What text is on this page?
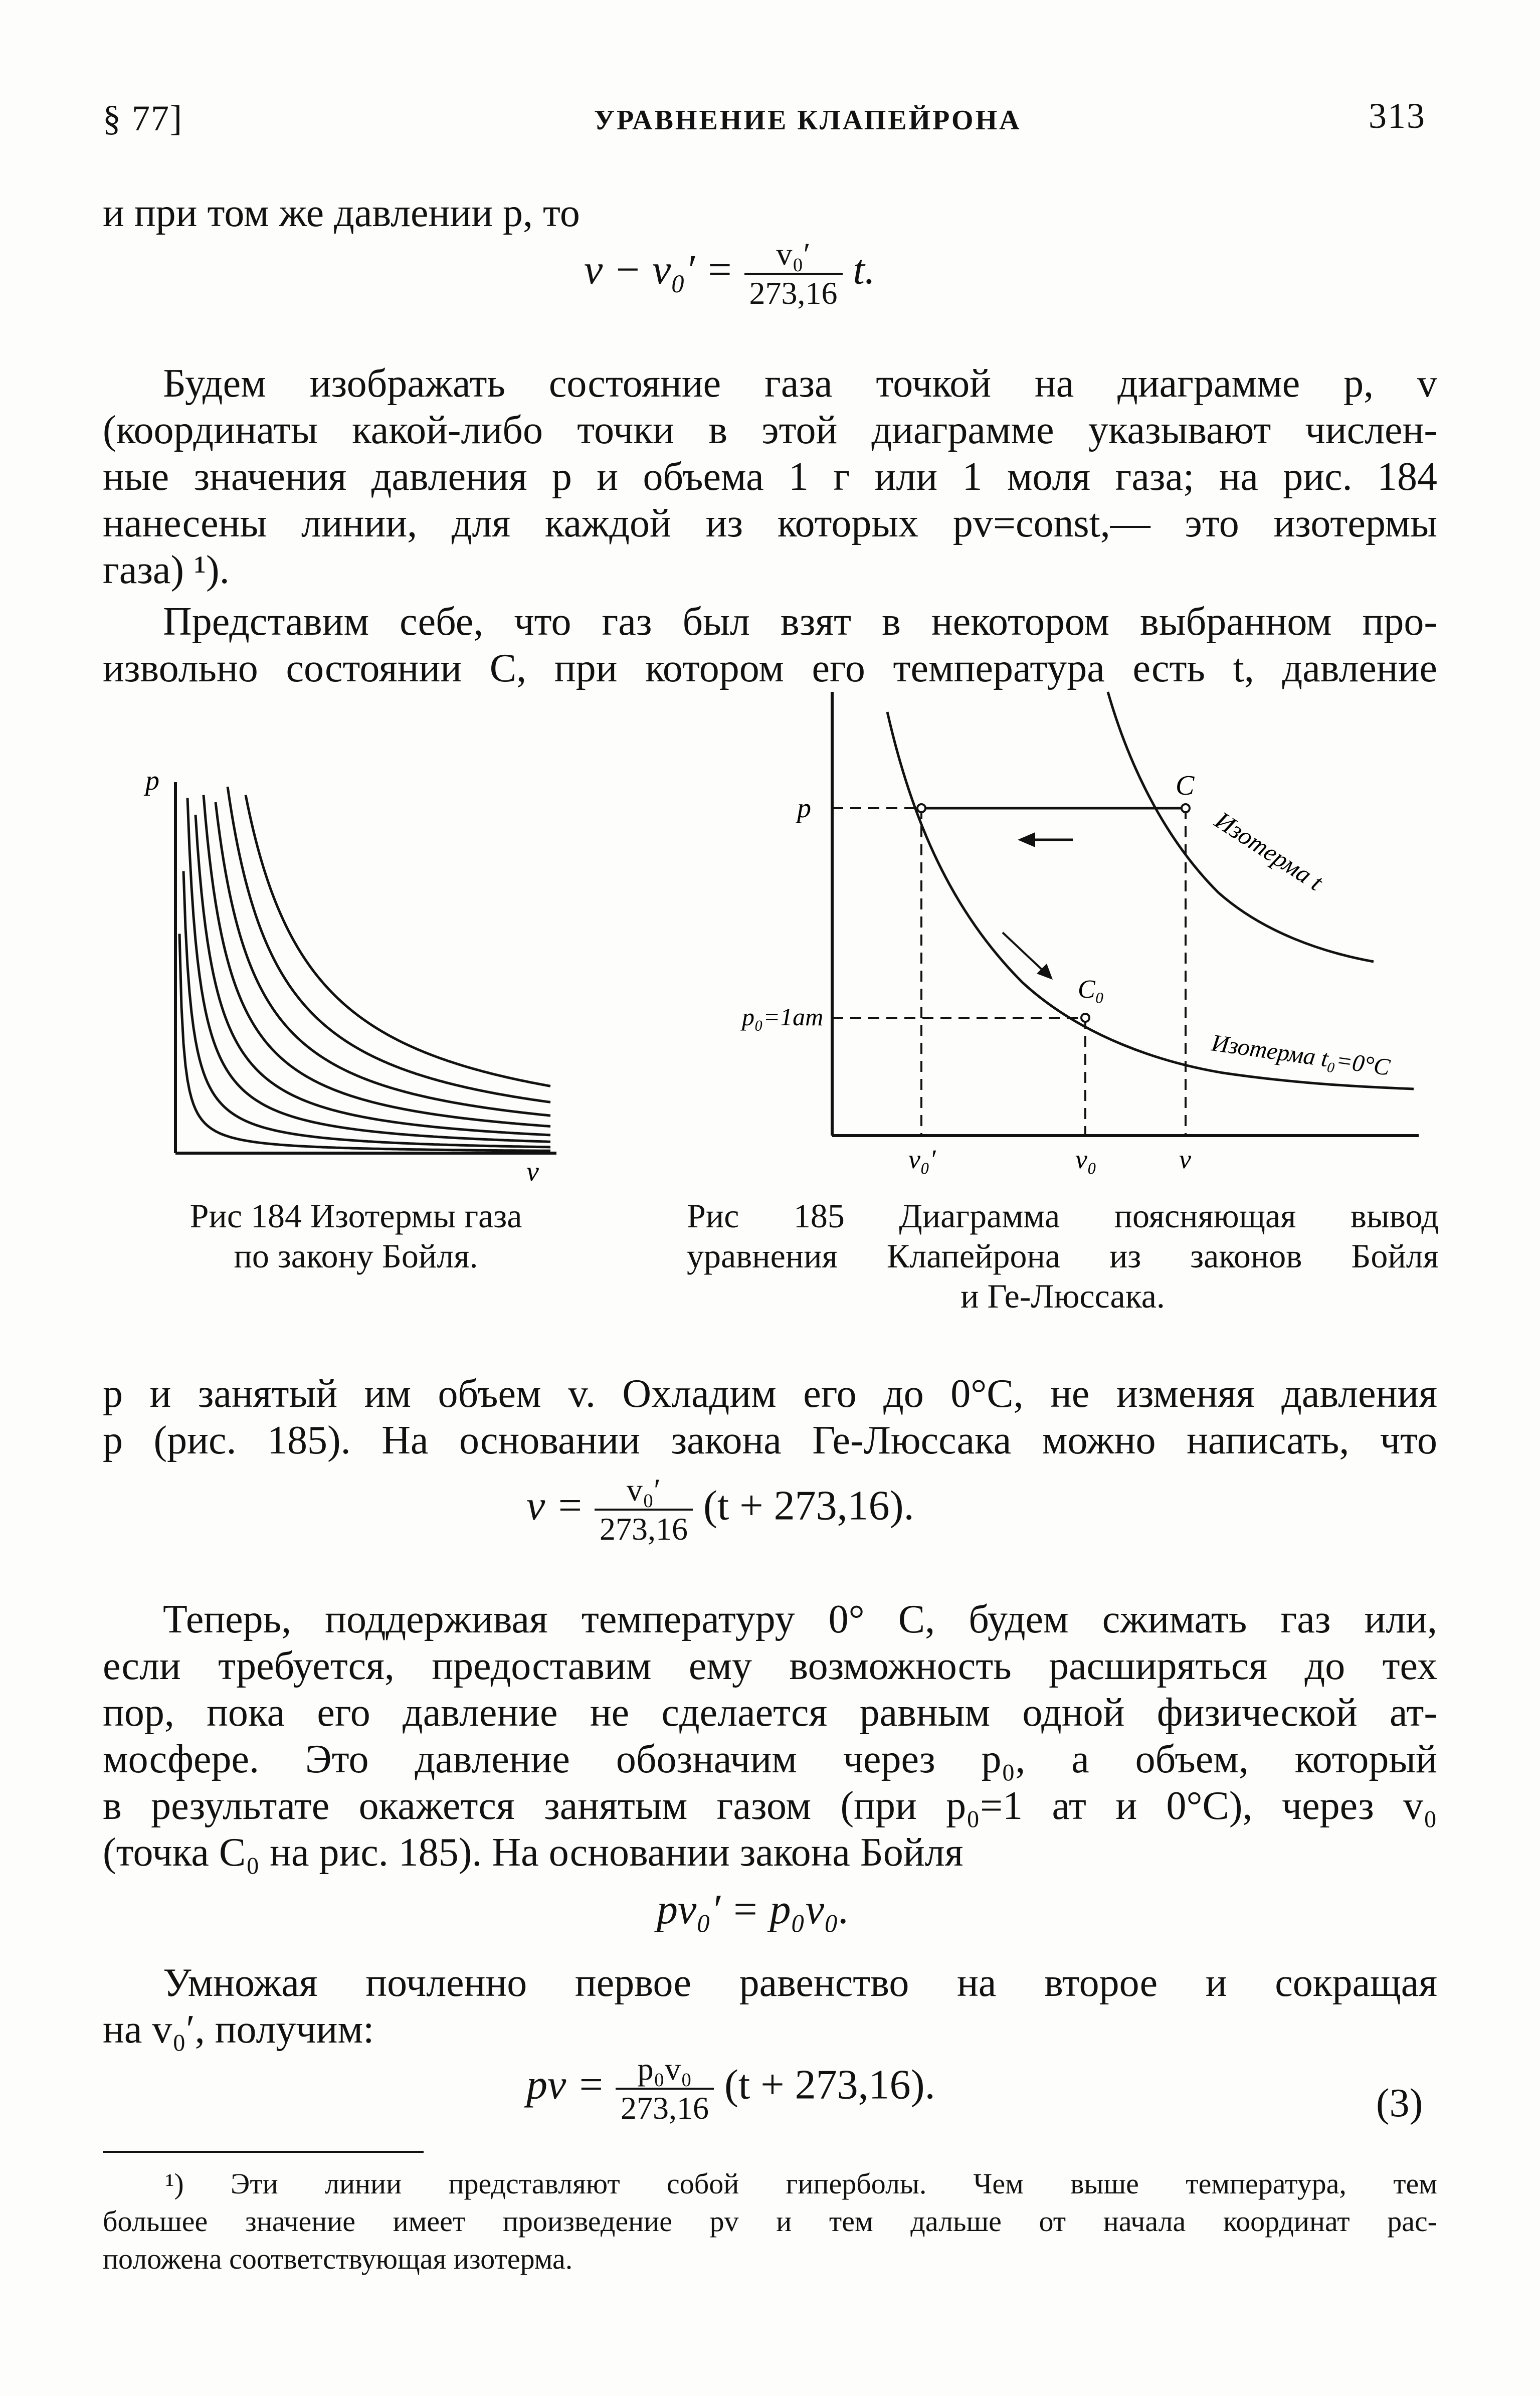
§ 77]	УРАВНЕНИЕ КЛАПЕЙРОНА	313
и при том же давлении p, то
$v - v_0' = \frac{\text{v₀′}}{273,16} t$.
Будем изображать состояние газа точкой на диаграмме p, v
(координаты какой-либо точки в этой диаграмме указывают числен-
ные значения давления p и объема 1 г или 1 моля газа; на рис. 184
нанесены линии, для каждой из которых pv=const,— это изотермы
газа) ¹).
Представим себе, что газ был взят в некотором выбранном про-
извольно состоянии C, при котором его температура есть t, давление
p
v
p
p₀=1ат
C
C₀
Изотерма t
Изотерма t₀=0°C
v₀′	v₀	v
Рис 184 Изотермы газа
по закону Бойля.
Рис 185 Диаграмма поясняющая вывод
уравнения Клапейрона из законов Бойля
и Ге-Люссака.
p и занятый им объем v. Охладим его до 0°С, не изменяя давления
p (рис. 185). На основании закона Ге-Люссака можно написать, что
$v = \frac{\text{v₀′}}{273,16} (t + 273,16)$.
Теперь, поддерживая температуру 0° С, будем сжимать газ или,
если требуется, предоставим ему возможность расширяться до тех
пор, пока его давление не сделается равным одной физической ат-
мосфере. Это давление обозначим через p₀, а объем, который
в результате окажется занятым газом (при p₀=1 ат и 0°С), через v₀
(точка C₀ на рис. 185). На основании закона Бойля
pv₀′ = p₀v₀.
Умножая почленно первое равенство на второе и сокращая
на v₀′, получим:
pv = $\frac{\text{p₀v₀}}{273,16} (t + 273,16)$.	(3)
¹) Эти линии представляют собой гиперболы. Чем выше температура, тем
большее значение имеет произведение pv и тем дальше от начала координат рас-
положена соответствующая изотерма.
